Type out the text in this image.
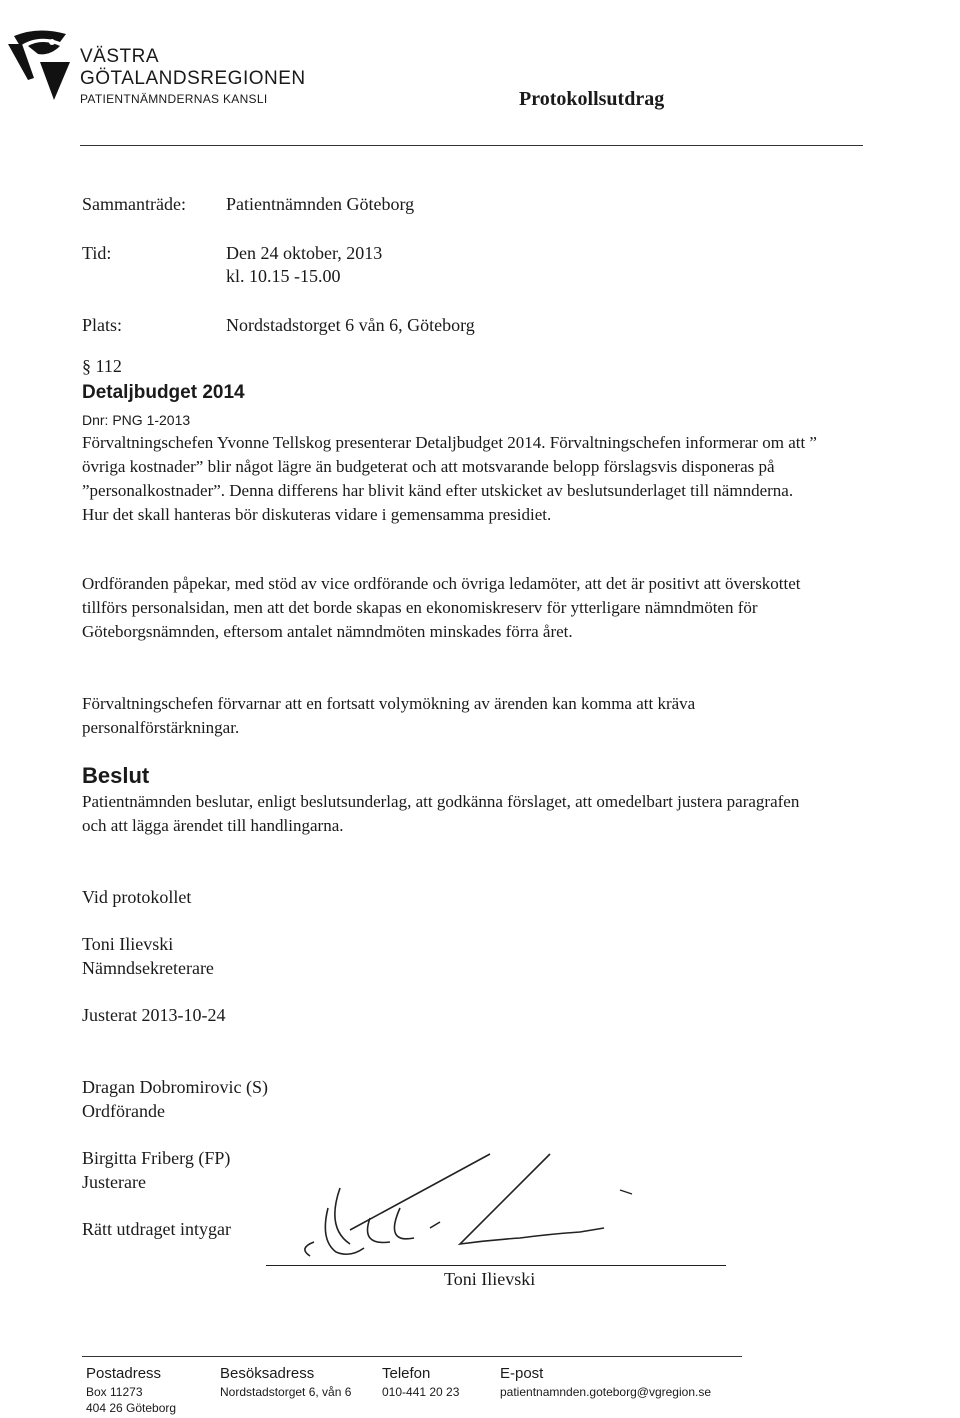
VÄSTRA
GÖTALANDSREGIONEN
PATIENTNÄMNDERNAS KANSLI	Protokollsutdrag
Sammanträde: Patientnämnden Göteborg
Tid:	Den 24 oktober, 2013
kl. 10.15 -15.00
Plats:	Nordstadstorget 6 vån 6, Göteborg
§ 112
Detaljbudget 2014
Dnr: PNG 1-2013

Förvaltningschefen Yvonne Tellskog presenterar Detaljbudget 2014. Förvaltningschefen informerar om att ” övriga kostnader” blir något lägre än budgeterat och att motsvarande belopp förslagsvis disponeras på ”personalkostnader”. Denna differens har blivit känd efter utskicket av beslutsunderlaget till nämnderna. Hur det skall hanteras bör diskuteras vidare i gemensamma presidiet.

Ordföranden påpekar, med stöd av vice ordförande och övriga ledamöter, att det är positivt att överskottet tillförs personalsidan, men att det borde skapas en ekonomiskreserv för ytterligare nämndmöten för Göteborgsnämnden, eftersom antalet nämndmöten minskades förra året.

Förvaltningschefen förvarnar att en fortsatt volymökning av ärenden kan komma att kräva personalförstärkningar.

Beslut

Patientnämnden beslutar, enligt beslutsunderlag, att godkänna förslaget, att omedelbart justera paragrafen och att lägga ärendet till handlingarna.

Vid protokollet
Toni Ilievski
Nämndsekreterare
Justerat 2013-10-24
Dragan Dobromirovic (S)
Ordförande
Birgitta Friberg (FP)
Justerare
Rätt utdraget intygar
Toni Ilievski
Postadress
Box 11273
404 26 Göteborg
Besöksadress
Nordstadstorget 6, vån 6
Telefon
010-441 20 23
E-post
patientnamnden.goteborg@vgregion.se
